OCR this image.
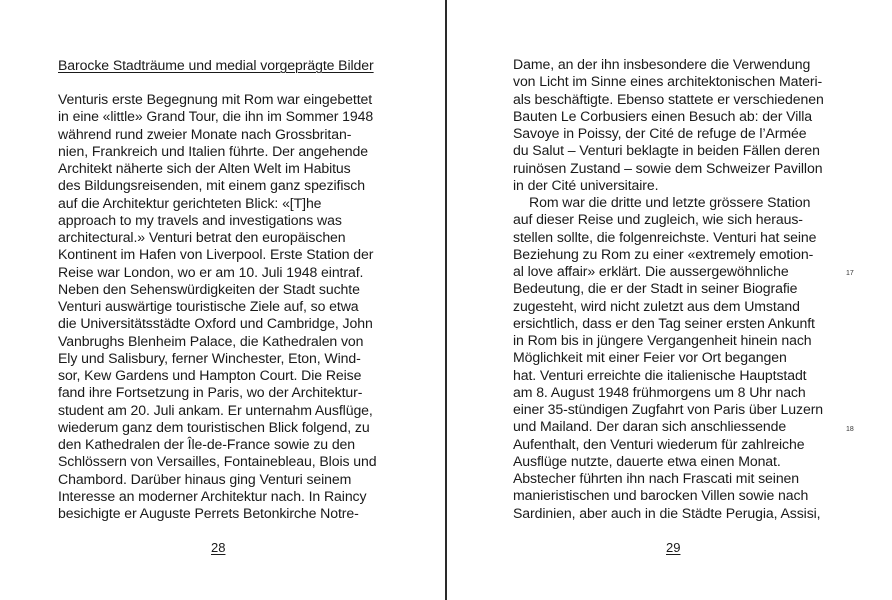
Barocke Stadträume und medial vorgeprägte Bilder
Venturis erste Begegnung mit Rom war eingebettet
in eine «little» Grand Tour, die ihn im Sommer 1948
während rund zweier Monate nach Grossbritan-
nien, Frankreich und Italien führte. Der angehende
Architekt näherte sich der Alten Welt im Habitus
des Bildungsreisenden, mit einem ganz spezifisch
auf die Architektur gerichteten Blick: «[T]he
approach to my travels and investigations was
architectural.» Venturi betrat den europäischen
Kontinent im Hafen von Liverpool. Erste Station der
Reise war London, wo er am 10. Juli 1948 eintraf.
Neben den Sehenswürdigkeiten der Stadt suchte
Venturi auswärtige touristische Ziele auf, so etwa
die Universitätsstädte Oxford und Cambridge, John
Vanbrughs Blenheim Palace, die Kathedralen von
Ely und Salisbury, ferner Winchester, Eton, Wind-
sor, Kew Gardens und Hampton Court. Die Reise
fand ihre Fortsetzung in Paris, wo der Architektur-
student am 20. Juli ankam. Er unternahm Ausflüge,
wiederum ganz dem touristischen Blick folgend, zu
den Kathedralen der Île-de-France sowie zu den
Schlössern von Versailles, Fontainebleau, Blois und
Chambord. Darüber hinaus ging Venturi seinem
Interesse an moderner Architektur nach. In Raincy
besichigte er Auguste Perrets Betonkirche Notre-
28
Dame, an der ihn insbesondere die Verwendung
von Licht im Sinne eines architektonischen Materi-
als beschäftigte. Ebenso stattete er verschiedenen
Bauten Le Corbusiers einen Besuch ab: der Villa
Savoye in Poissy, der Cité de refuge de l’Armée
du Salut – Venturi beklagte in beiden Fällen deren
ruinösen Zustand – sowie dem Schweizer Pavillon
in der Cité universitaire.
Rom war die dritte und letzte grössere Station
auf dieser Reise und zugleich, wie sich heraus-
stellen sollte, die folgenreichste. Venturi hat seine
Beziehung zu Rom zu einer «extremely emotion-
al love affair» erklärt. Die aussergewöhnliche
Bedeutung, die er der Stadt in seiner Biografie
zugesteht, wird nicht zuletzt aus dem Umstand
ersichtlich, dass er den Tag seiner ersten Ankunft
in Rom bis in jüngere Vergangenheit hinein nach
Möglichkeit mit einer Feier vor Ort begangen
hat. Venturi erreichte die italienische Hauptstadt
am 8. August 1948 frühmorgens um 8 Uhr nach
einer 35-stündigen Zugfahrt von Paris über Luzern
und Mailand. Der daran sich anschliessende
Aufenthalt, den Venturi wiederum für zahlreiche
Ausflüge nutzte, dauerte etwa einen Monat.
Abstecher führten ihn nach Frascati mit seinen
manieristischen und barocken Villen sowie nach
Sardinien, aber auch in die Städte Perugia, Assisi,
17
18
29
